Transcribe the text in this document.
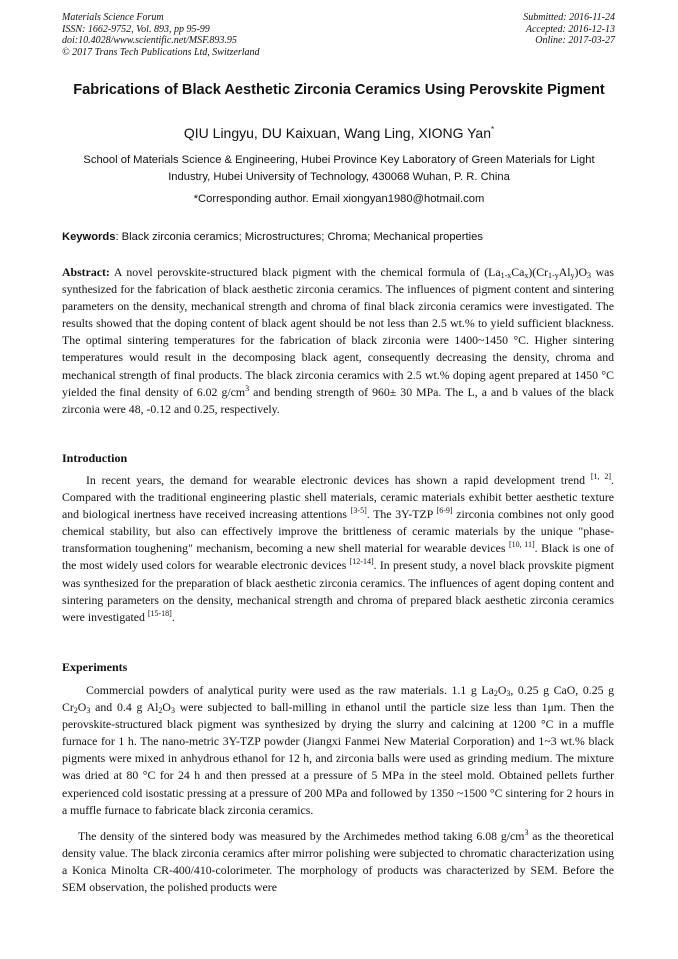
Materials Science Forum
ISSN: 1662-9752, Vol. 893, pp 95-99
doi:10.4028/www.scientific.net/MSF.893.95
© 2017 Trans Tech Publications Ltd, Switzerland
Submitted: 2016-11-24
Accepted: 2016-12-13
Online: 2017-03-27
Fabrications of Black Aesthetic Zirconia Ceramics Using Perovskite Pigment
QIU Lingyu, DU Kaixuan, Wang Ling, XIONG Yan*
School of Materials Science & Engineering, Hubei Province Key Laboratory of Green Materials for Light Industry, Hubei University of Technology, 430068 Wuhan, P. R. China
*Corresponding author. Email xiongyan1980@hotmail.com
Keywords: Black zirconia ceramics; Microstructures; Chroma; Mechanical properties

Abstract: A novel perovskite-structured black pigment with the chemical formula of $(La_{1-x}Ca_x)(Cr_{1-y}Al_y)O_3$ was synthesized for the fabrication of black aesthetic zirconia ceramics. The influences of pigment content and sintering parameters on the density, mechanical strength and chroma of final black zirconia ceramics were investigated. The results showed that the doping content of black agent should be not less than 2.5 wt.% to yield sufficient blackness. The optimal sintering temperatures for the fabrication of black zirconia were 1400~1450 °C. Higher sintering temperatures would result in the decomposing black agent, consequently decreasing the density, chroma and mechanical strength of final products. The black zirconia ceramics with 2.5 wt.% doping agent prepared at 1450 °C yielded the final density of 6.02 $g/cm^3$ and bending strength of 960± 30 MPa. The L, a and b values of the black zirconia were 48, -0.12 and 0.25, respectively.

Introduction

In recent years, the demand for wearable electronic devices has shown a rapid development trend [1, 2]. Compared with the traditional engineering plastic shell materials, ceramic materials exhibit better aesthetic texture and biological inertness have received increasing attentions [3-5]. The 3Y-TZP [6-9] zirconia combines not only good chemical stability, but also can effectively improve the brittleness of ceramic materials by the unique "phase-transformation toughening" mechanism, becoming a new shell material for wearable devices [10, 11]. Black is one of the most widely used colors for wearable electronic devices [12-14]. In present study, a novel black provskite pigment was synthesized for the preparation of black aesthetic zirconia ceramics. The influences of agent doping content and sintering parameters on the density, mechanical strength and chroma of prepared black aesthetic zirconia ceramics were investigated [15-18].

Experiments

Commercial powders of analytical purity were used as the raw materials. 1.1 g $La_2O_3$, 0.25 g CaO, 0.25 g $Cr_2O_3$ and 0.4 g $Al_2O_3$ were subjected to ball-milling in ethanol until the particle size less than 1μm. Then the perovskite-structured black pigment was synthesized by drying the slurry and calcining at 1200 °C in a muffle furnace for 1 h. The nano-metric 3Y-TZP powder (Jiangxi Fanmei New Material Corporation) and 1~3 wt.% black pigments were mixed in anhydrous ethanol for 12 h, and zirconia balls were used as grinding medium. The mixture was dried at 80 °C for 24 h and then pressed at a pressure of 5 MPa in the steel mold. Obtained pellets further experienced cold isostatic pressing at a pressure of 200 MPa and followed by 1350 ~1500 °C sintering for 2 hours in a muffle furnace to fabricate black zirconia ceramics.

The density of the sintered body was measured by the Archimedes method taking 6.08 $g/cm^3$ as the theoretical density value. The black zirconia ceramics after mirror polishing were subjected to chromatic characterization using a Konica Minolta CR-400/410-colorimeter. The morphology of products was characterized by SEM. Before the SEM observation, the polished products were
